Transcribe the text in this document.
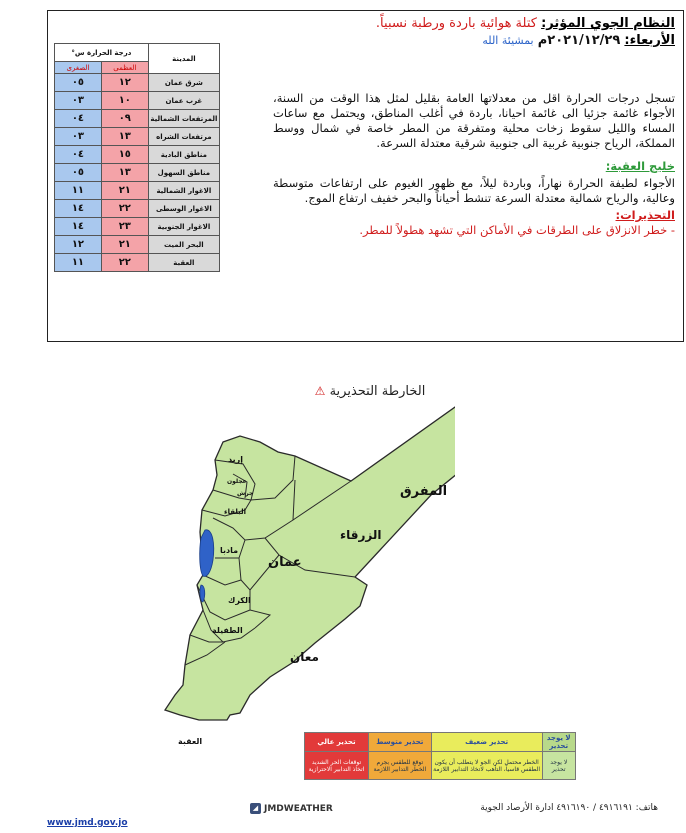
النظام الجوي المؤثر: كتلة هوائية باردة ورطبة نسبياً.
الأربعاء: ٢٠٢١/١٢/٢٩م بمشيئة الله
تسجل درجات الحرارة اقل من معدلاتها العامة بقليل لمثل هذا الوقت من السنة، الأجواء غائمة جزئيا الى غائمة احيانا، باردة في أغلب المناطق، ويحتمل مع ساعات المساء والليل سقوط زخات محلية ومتفرقة من المطر خاصة في شمال ووسط المملكة، الرياح جنوبية غربية الى جنوبية شرقية معتدلة السرعة.
خليج العقبة:
الأجواء لطيفة الحرارة نهاراً، وباردة ليلاً، مع ظهور الغيوم على ارتفاعات متوسطة وعالية، والرياح شمالية معتدلة السرعة تنشط أحياناً والبحر خفيف ارتفاع الموج.
التحذيرات:
- خطر الانزلاق على الطرقات في الأماكن التي تشهد هطولاً للمطر.
المدينة	درجة الحرارة س°	
	العظمى	الصغرى
شرق عمان	١٢	٠٥
غرب عمان	١٠	٠٣
المرتفعات الشمالية	٠٩	٠٤
مرتفعات الشراه	١٣	٠٣
مناطق البادية	١٥	٠٤
مناطق السهول	١٣	٠٥
الاغوار الشمالية	٢١	١١
الاغوار الوسطى	٢٢	١٤
الاغوار الجنوبية	٢٣	١٤
البحر الميت	٢١	١٢
العقبة	٢٢	١١
الخارطة التحذيرية ⚠
إربد
عجلون
جرش
البلقاء
مادبا
عمان
الزرقاء
المفرق
الكرك
الطفيلة
معان
العقبة	لا يوجد تحذير	تحذير ضعيف	تحذير متوسط	تحذير عالي
لا يوجد تحذير	الخطر محتمل لكن الجو لا يتطلب أن يكون الطقس قاسياً، التأهب لاتخاذ التدابير اللازمة	توقع للطقس بجرم الخطر التدابير اللازمة	توقعات الحر الشديد اتخاذ التدابير الاحترازية
◢ JMDWEATHER	هاتف: ٤٩١٦١٩١ / ٤٩١٦١٩٠ ادارة الأرصاد الجوية
www.jmd.gov.jo
